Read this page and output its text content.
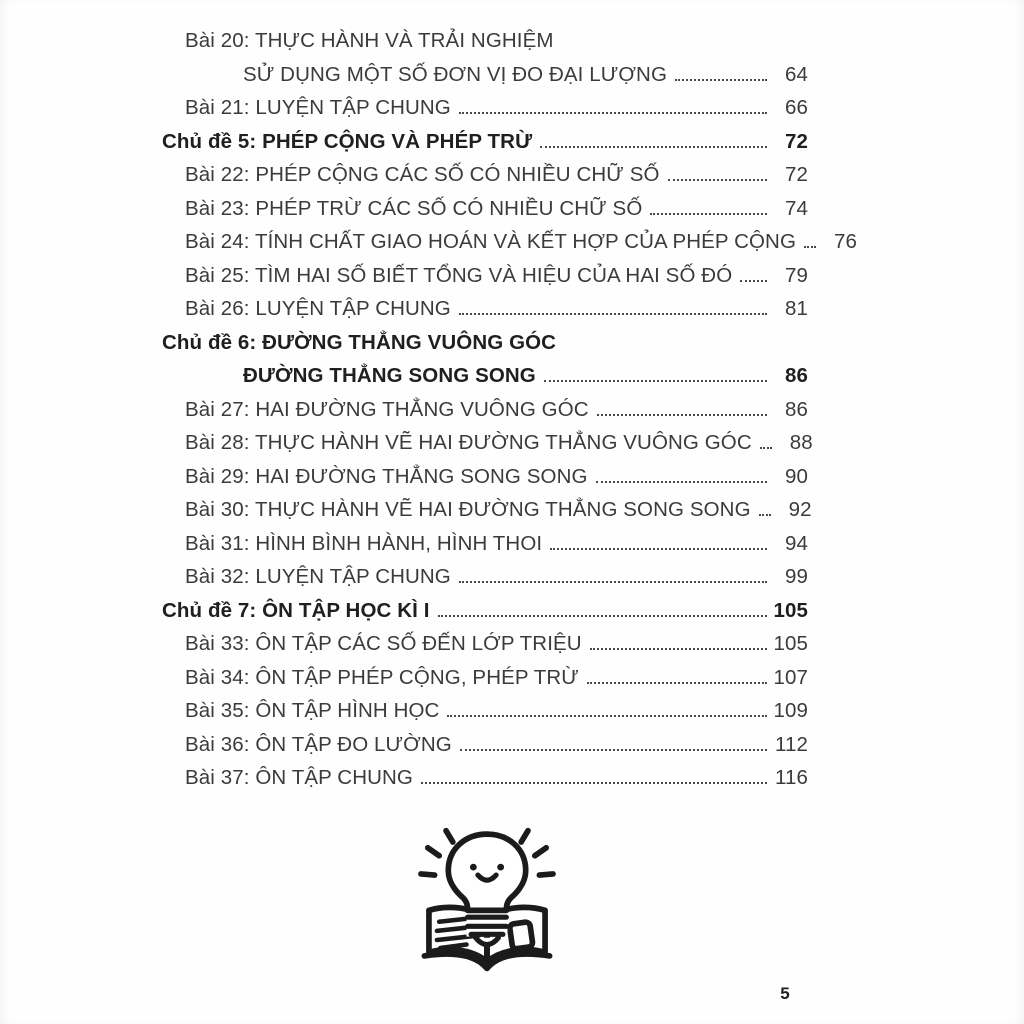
Bài 20: THỰC HÀNH VÀ TRẢI NGHIỆM
SỬ DỤNG MỘT SỐ ĐƠN VỊ ĐO ĐẠI LƯỢNG	64
Bài 21: LUYỆN TẬP CHUNG	66
Chủ đề 5: PHÉP CỘNG VÀ PHÉP TRỪ	72
Bài 22: PHÉP CỘNG CÁC SỐ CÓ NHIỀU CHỮ SỐ	72
Bài 23: PHÉP TRỪ CÁC SỐ CÓ NHIỀU CHỮ SỐ	74
Bài 24: TÍNH CHẤT GIAO HOÁN VÀ KẾT HỢP CỦA PHÉP CỘNG	76
Bài 25: TÌM HAI SỐ BIẾT TỔNG VÀ HIỆU CỦA HAI SỐ ĐÓ	79
Bài 26: LUYỆN TẬP CHUNG	81
Chủ đề 6: ĐƯỜNG THẲNG VUÔNG GÓC
ĐƯỜNG THẲNG SONG SONG	86
Bài 27: HAI ĐƯỜNG THẲNG VUÔNG GÓC	86
Bài 28: THỰC HÀNH VẼ HAI ĐƯỜNG THẲNG VUÔNG GÓC	88
Bài 29: HAI ĐƯỜNG THẲNG SONG SONG	90
Bài 30: THỰC HÀNH VẼ HAI ĐƯỜNG THẲNG SONG SONG	92
Bài 31: HÌNH BÌNH HÀNH, HÌNH THOI	94
Bài 32: LUYỆN TẬP CHUNG	99
Chủ đề 7: ÔN TẬP HỌC KÌ I	105
Bài 33: ÔN TẬP CÁC SỐ ĐẾN LỚP TRIỆU	105
Bài 34: ÔN TẬP PHÉP CỘNG, PHÉP TRỪ	107
Bài 35: ÔN TẬP HÌNH HỌC	109
Bài 36: ÔN TẬP ĐO LƯỜNG	112
Bài 37: ÔN TẬP CHUNG	116
5
